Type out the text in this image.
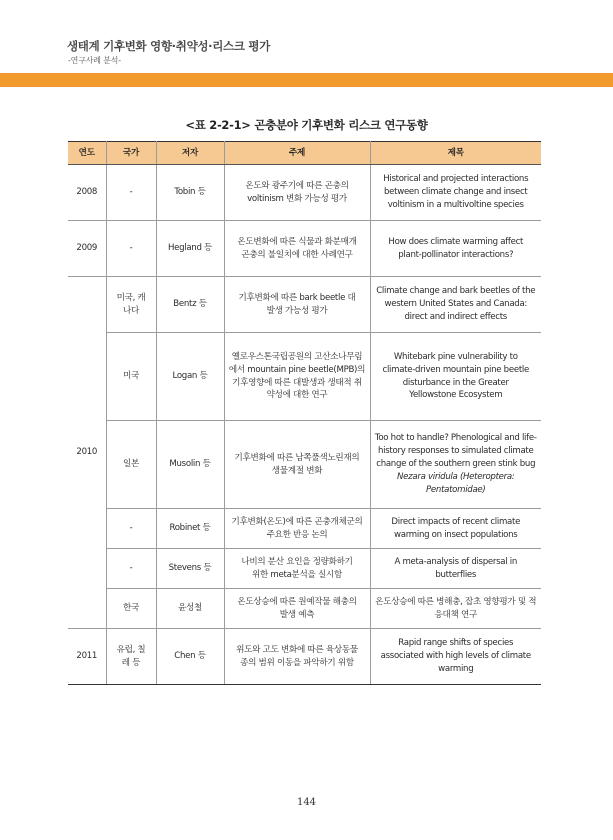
생태계 기후변화 영향·취약성·리스크 평가
-연구사례 분석-
<표 2-2-1> 곤충분야 기후변화 리스크 연구동향
연도	국가	저자	주제	제목
2008	-	Tobin 등	온도와 광주기에 따른 곤충의 voltinism 변화 가능성 평가	Historical and projected interactions between climate change and insect voltinism in a multivoltine species
2009	-	Hegland 등	온도변화에 따른 식물과 화분매개곤충의 불일치에 대한 사례연구	How does climate warming affect plant-pollinator interactions?
2010	미국, 캐나다	Bentz 등	기후변화에 따른 bark beetle 대발생 가능성 평가	Climate change and bark beetles of the western United States and Canada: direct and indirect effects
	미국	Logan 등	옐로우스톤국립공원의 고산소나무림에서 mountain pine beetle(MPB)의 기후영향에 따른 대발생과 생태적 취약성에 대한 연구	Whitebark pine vulnerability to climate-driven mountain pine beetle disturbance in the Greater Yellowstone Ecosystem
	일본	Musolin 등	기후변화에 따른 남쪽풀색노린재의 생물계절 변화	Too hot to handle? Phenological and life-history responses to simulated climate change of the southern green stink bug Nezara viridula (Heteroptera: Pentatomidae)
	-	Robinet 등	기후변화(온도)에 따른 곤충개체군의 주요한 반응 논의	Direct impacts of recent climate warming on insect populations
	-	Stevens 등	나비의 분산 요인을 정량화하기 위한 meta분석을 실시함	A meta-analysis of dispersal in butterflies
	한국	윤성철	온도상승에 따른 원예작물 해충의 발생 예측	온도상승에 따른 병해충, 잡초 영향평가 및 적응대책 연구
2011	유럽, 칠레 등	Chen 등	위도와 고도 변화에 따른 육상동물 종의 범위 이동을 파악하기 위함	Rapid range shifts of species associated with high levels of climate warming
144
